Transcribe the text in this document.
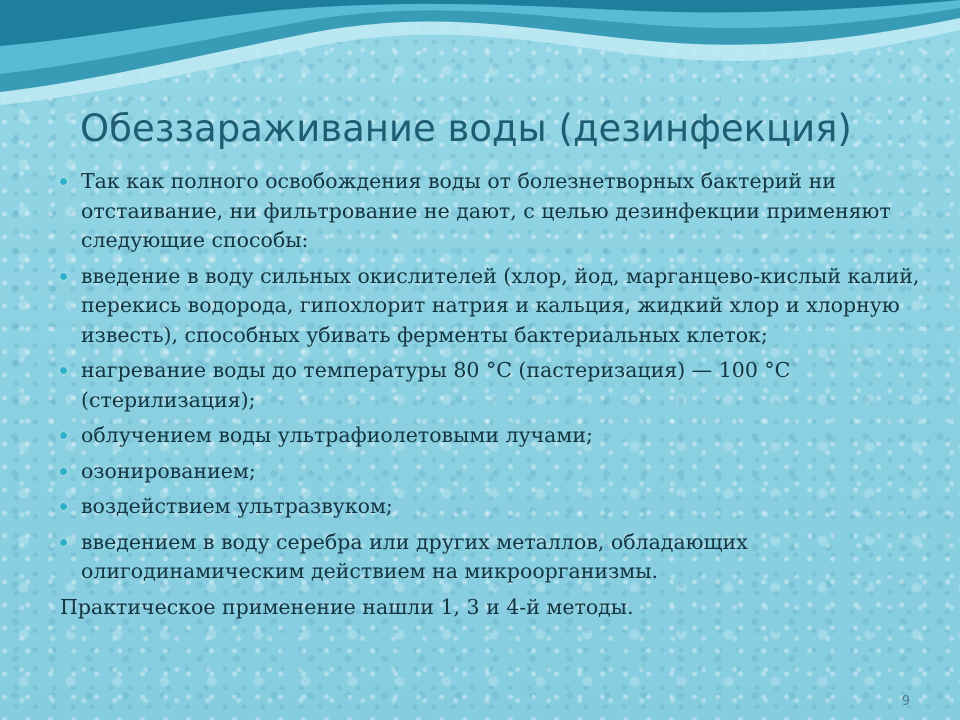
Обеззараживание воды (дезинфекция)
Так как полного освобождения воды от болезнетворных бактерий ни отстаивание, ни фильтрование не дают, с целью дезинфекции применяют следующие способы:
введение в воду сильных окислителей (хлор, йод, марганцево-кислый калий, перекись водорода, гипохлорит натрия и кальция, жидкий хлор и хлорную известь), способных убивать ферменты бактериальных клеток;
нагревание воды до температуры 80 °С (пастеризация) — 100 °С (стерилизация);
облучением воды ультрафиолетовыми лучами;
озонированием;
воздействием ультразвуком;
введением в воду серебра или других металлов, обладающих олигодинамическим действием на микроорганизмы.

Практическое применение нашли 1, 3 и 4-й методы.

9
